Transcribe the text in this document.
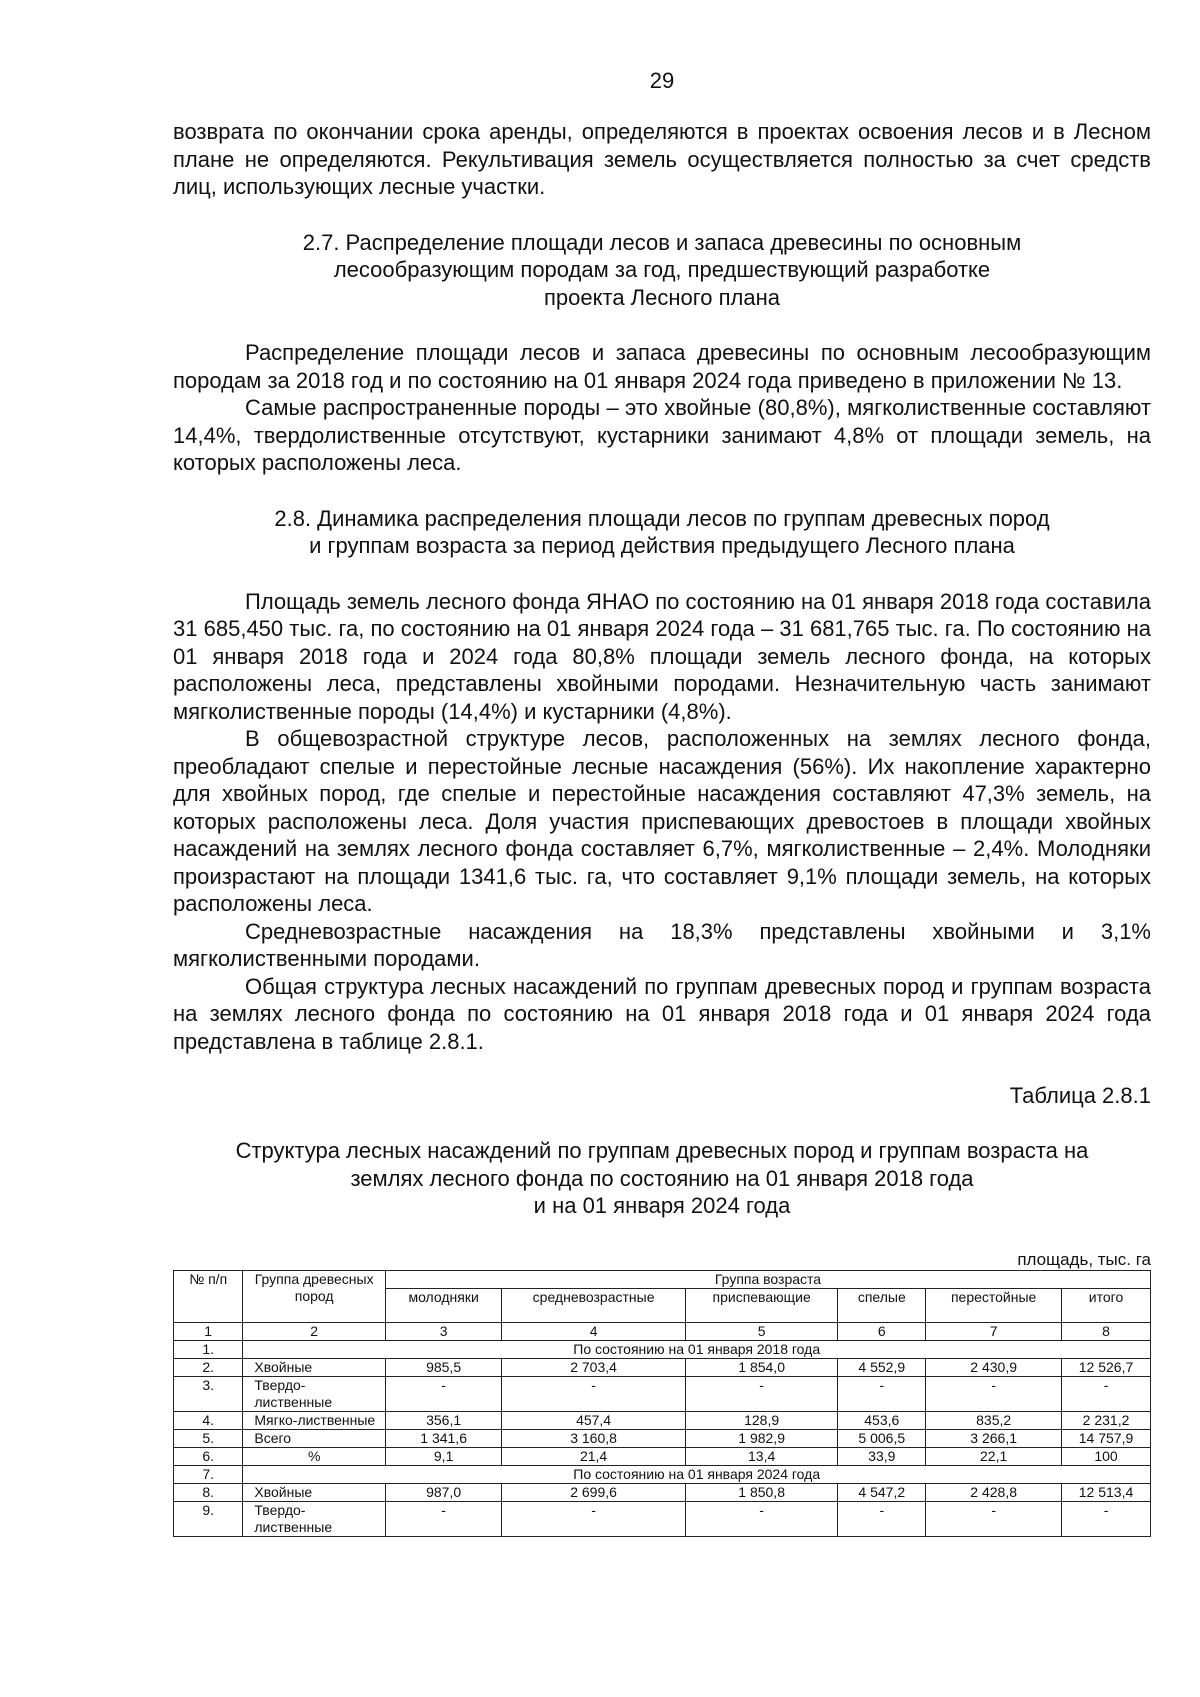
29

возврата по окончании срока аренды, определяются в проектах освоения лесов и в Лесном плане не определяются. Рекультивация земель осуществляется полностью за счет средств лиц, использующих лесные участки.

2.7. Распределение площади лесов и запаса древесины по основным
лесообразующим породам за год, предшествующий разработке
проекта Лесного плана

Распределение площади лесов и запаса древесины по основным лесообразующим породам за 2018 год и по состоянию на 01 января 2024 года приведено в приложении № 13.

Самые распространенные породы – это хвойные (80,8%), мягколиственные составляют 14,4%, твердолиственные отсутствуют, кустарники занимают 4,8% от площади земель, на которых расположены леса.

2.8. Динамика распределения площади лесов по группам древесных пород
и группам возраста за период действия предыдущего Лесного плана

Площадь земель лесного фонда ЯНАО по состоянию на 01 января 2018 года составила 31 685,450 тыс. га, по состоянию на 01 января 2024 года – 31 681,765 тыс. га. По состоянию на 01 января 2018 года и 2024 года 80,8% площади земель лесного фонда, на которых расположены леса, представлены хвойными породами. Незначительную часть занимают мягколиственные породы (14,4%) и кустарники (4,8%).

В общевозрастной структуре лесов, расположенных на землях лесного фонда, преобладают спелые и перестойные лесные насаждения (56%). Их накопление характерно для хвойных пород, где спелые и перестойные насаждения составляют 47,3% земель, на которых расположены леса. Доля участия приспевающих древостоев в площади хвойных насаждений на землях лесного фонда составляет 6,7%, мягколиственные – 2,4%. Молодняки произрастают на площади 1341,6 тыс. га, что составляет 9,1% площади земель, на которых расположены леса.

Средневозрастные насаждения на 18,3% представлены хвойными и 3,1% мягколиственными породами.

Общая структура лесных насаждений по группам древесных пород и группам возраста на землях лесного фонда по состоянию на 01 января 2018 года и 01 января 2024 года представлена в таблице 2.8.1.

Таблица 2.8.1
Структура лесных насаждений по группам древесных пород и группам возраста на
землях лесного фонда по состоянию на 01 января 2018 года
и на 01 января 2024 года
площадь, тыс. га
№ п/п	Группа древесных пород	Группа возраста					
		молодняки	средневозрастные	приспевающие	спелые	перестойные	итого
1	2	3	4	5	6	7	8
1.	По состоянию на 01 января 2018 года						
2.	Хвойные	985,5	2 703,4	1 854,0	4 552,9	2 430,9	12 526,7
3.	Твердо-лиственные	-	-	-	-	-	-
4.	Мягко-лиственные	356,1	457,4	128,9	453,6	835,2	2 231,2
5.	Всего	1 341,6	3 160,8	1 982,9	5 006,5	3 266,1	14 757,9
6.	%	9,1	21,4	13,4	33,9	22,1	100
7.	По состоянию на 01 января 2024 года						
8.	Хвойные	987,0	2 699,6	1 850,8	4 547,2	2 428,8	12 513,4
9.	Твердо-лиственные	-	-	-	-	-	-
